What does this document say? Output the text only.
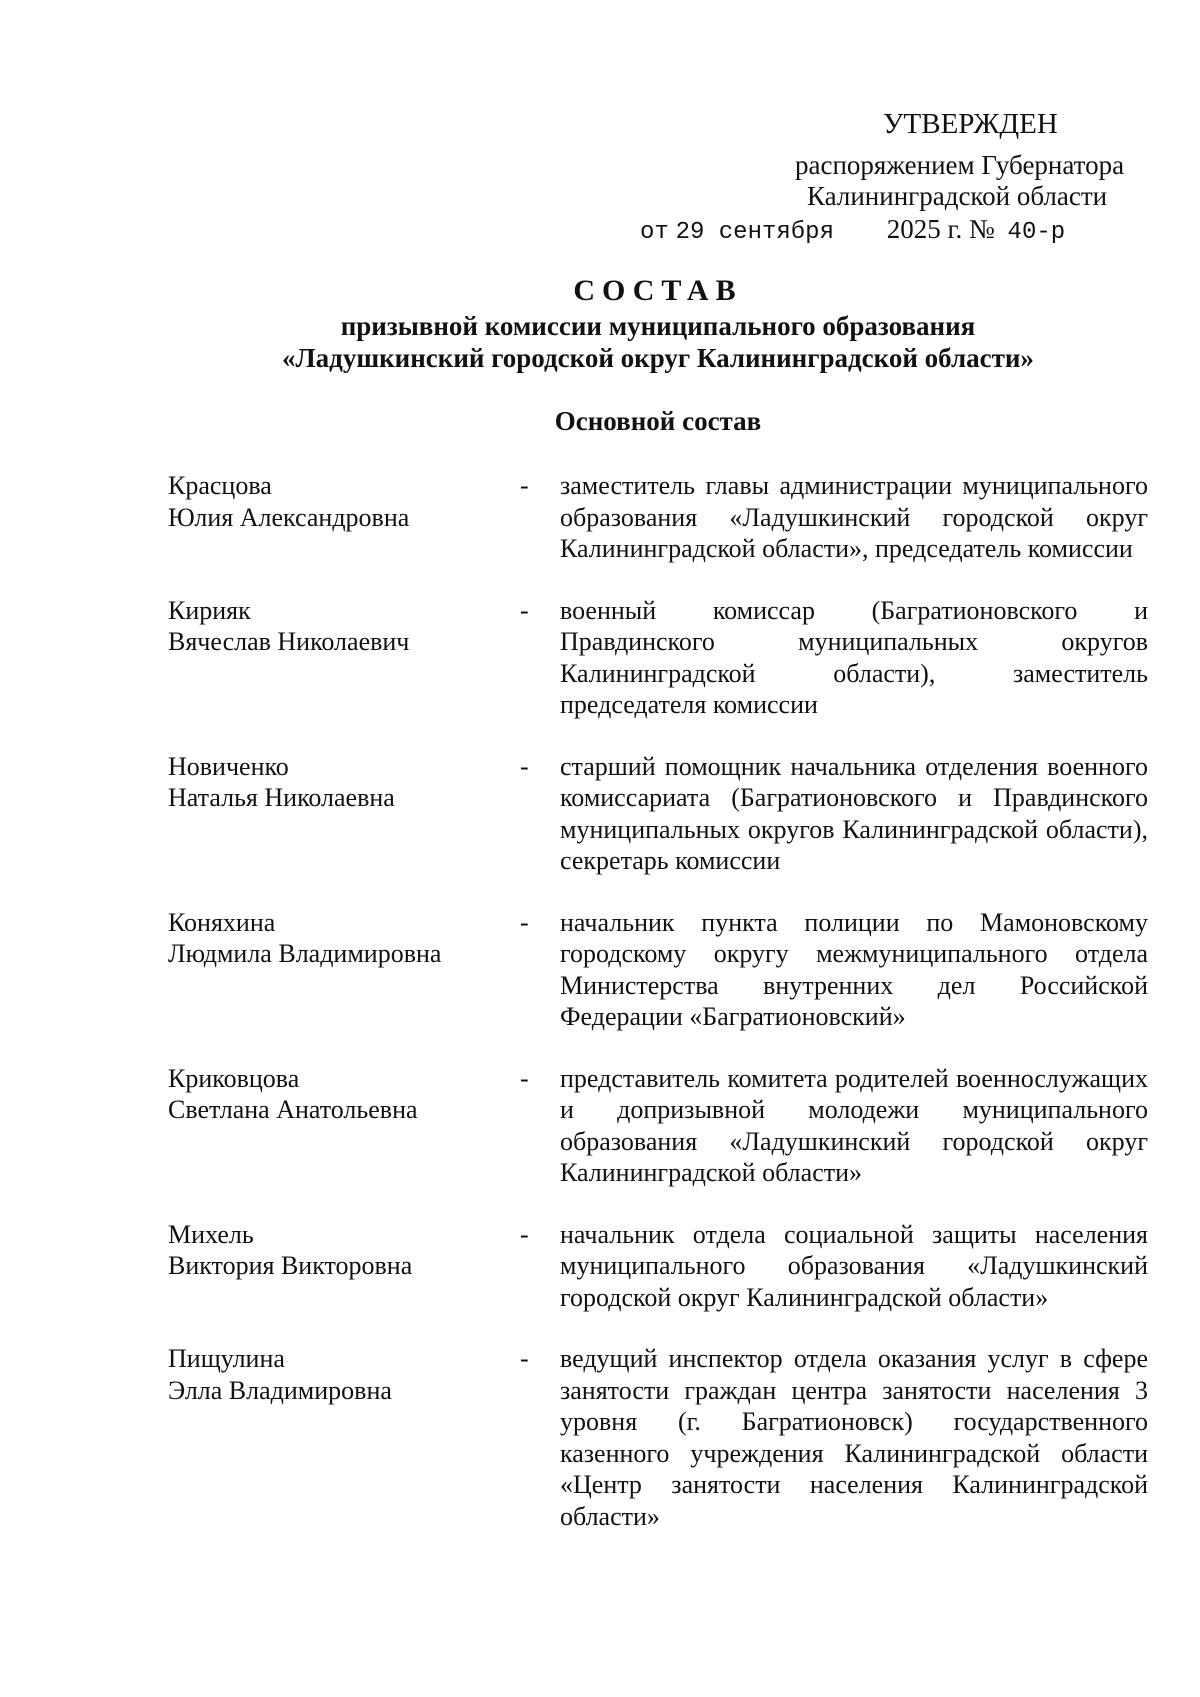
УТВЕРЖДЕН
распоряжением Губернатора
Калининградской области
от 29 сентября 2025 г. № 40-р
СОСТАВ
призывной комиссии муниципального образования
«Ладушкинский городской округ Калининградской области»
Основной состав
Красцова
Юлия Александровна
-	заместитель главы администрации муниципального образования «Ладушкинский городской округ Калининградской области», председатель комиссии
Кирияк
Вячеслав Николаевич
-	военный комиссар (Багратионовского и Правдинского муниципальных округов Калининградской области), заместитель председателя комиссии
Новиченко
Наталья Николаевна
-	старший помощник начальника отделения военного комиссариата (Багратионовского и Правдинского муниципальных округов Калининградской области), секретарь комиссии
Коняхина
Людмила Владимировна
-	начальник пункта полиции по Мамоновскому городскому округу межмуниципального отдела Министерства внутренних дел Российской Федерации «Багратионовский»
Криковцова
Светлана Анатольевна
-	представитель комитета родителей военнослужащих и допризывной молодежи муниципального образования «Ладушкинский городской округ Калининградской области»
Михель
Виктория Викторовна
-	начальник отдела социальной защиты населения муниципального образования «Ладушкинский городской округ Калининградской области»
Пищулина
Элла Владимировна
-	ведущий инспектор отдела оказания услуг в сфере занятости граждан центра занятости населения 3 уровня (г. Багратионовск) государственного казенного учреждения Калининградской области «Центр занятости населения Калининградской области»
